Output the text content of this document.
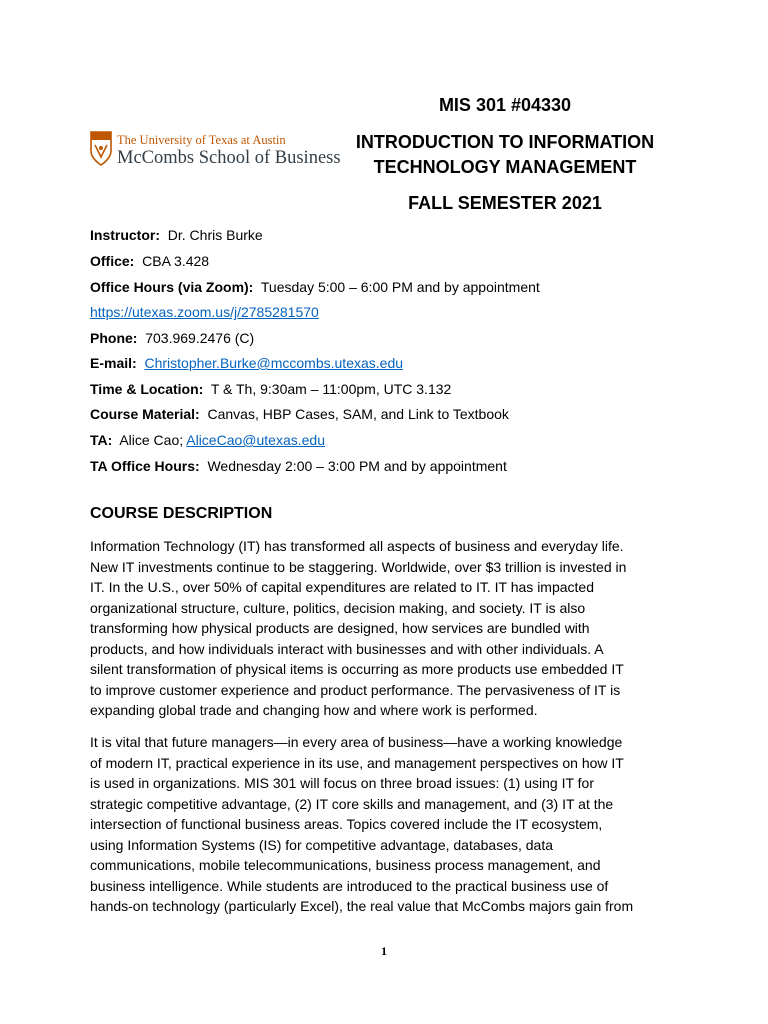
The University of Texas at Austin
McCombs School of Business
MIS 301 #04330
INTRODUCTION TO INFORMATION
TECHNOLOGY MANAGEMENT
FALL SEMESTER 2021
Instructor: Dr. Chris Burke
Office: CBA 3.428
Office Hours (via Zoom): Tuesday 5:00 – 6:00 PM and by appointment
https://utexas.zoom.us/j/2785281570
Phone: 703.969.2476 (C)
E-mail: Christopher.Burke@mccombs.utexas.edu
Time & Location: T & Th, 9:30am – 11:00pm, UTC 3.132
Course Material: Canvas, HBP Cases, SAM, and Link to Textbook
TA: Alice Cao; AliceCao@utexas.edu
TA Office Hours: Wednesday 2:00 – 3:00 PM and by appointment
COURSE DESCRIPTION
Information Technology (IT) has transformed all aspects of business and everyday life.
New IT investments continue to be staggering. Worldwide, over $3 trillion is invested in
IT. In the U.S., over 50% of capital expenditures are related to IT. IT has impacted
organizational structure, culture, politics, decision making, and society. IT is also
transforming how physical products are designed, how services are bundled with
products, and how individuals interact with businesses and with other individuals. A
silent transformation of physical items is occurring as more products use embedded IT
to improve customer experience and product performance. The pervasiveness of IT is
expanding global trade and changing how and where work is performed.
It is vital that future managers—in every area of business—have a working knowledge
of modern IT, practical experience in its use, and management perspectives on how IT
is used in organizations. MIS 301 will focus on three broad issues: (1) using IT for
strategic competitive advantage, (2) IT core skills and management, and (3) IT at the
intersection of functional business areas. Topics covered include the IT ecosystem,
using Information Systems (IS) for competitive advantage, databases, data
communications, mobile telecommunications, business process management, and
business intelligence. While students are introduced to the practical business use of
hands-on technology (particularly Excel), the real value that McCombs majors gain from
1
